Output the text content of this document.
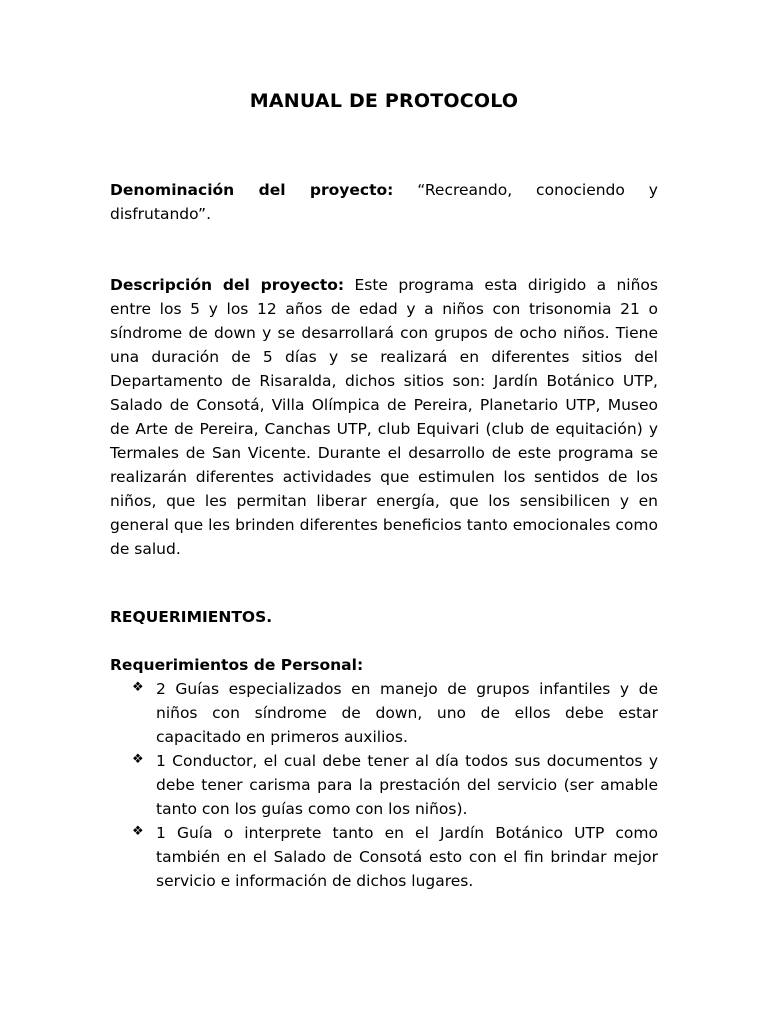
MANUAL DE PROTOCOLO
Denominación del proyecto: “Recreando, conociendo y disfrutando”.
Descripción del proyecto: Este programa esta dirigido a niños entre los 5 y los 12 años de edad y a niños con trisonomia 21 o síndrome de down y se desarrollará con grupos de ocho niños. Tiene una duración de 5 días y se realizará en diferentes sitios del Departamento de Risaralda, dichos sitios son: Jardín Botánico UTP, Salado de Consotá, Villa Olímpica de Pereira, Planetario UTP, Museo de Arte de Pereira, Canchas UTP, club Equivari (club de equitación) y Termales de San Vicente. Durante el desarrollo de este programa se realizarán diferentes actividades que estimulen los sentidos de los niños, que les permitan liberar energía, que los sensibilicen y en general que les brinden diferentes beneficios tanto emocionales como de salud.
REQUERIMIENTOS.
Requerimientos de Personal:
❖ 2 Guías especializados en manejo de grupos infantiles y de niños con síndrome de down, uno de ellos debe estar capacitado en primeros auxilios.
❖ 1 Conductor, el cual debe tener al día todos sus documentos y debe tener carisma para la prestación del servicio (ser amable tanto con los guías como con los niños).
❖ 1 Guía o interprete tanto en el Jardín Botánico UTP como también en el Salado de Consotá esto con el fin brindar mejor servicio e información de dichos lugares.
